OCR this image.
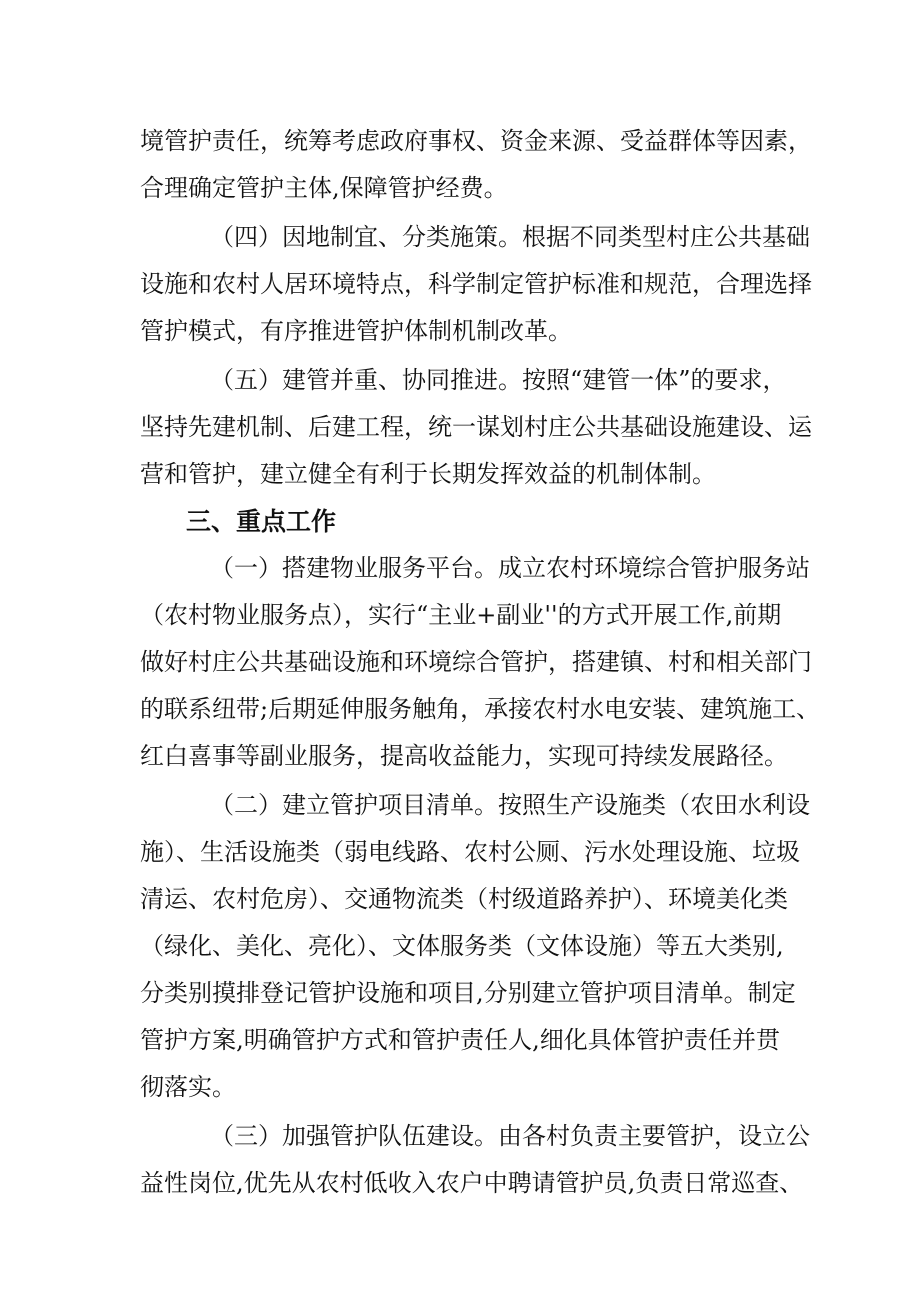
境管护责任，统筹考虑政府事权、资金来源、受益群体等因素，
合理确定管护主体,保障管护经费。
（四）因地制宜、分类施策。根据不同类型村庄公共基础
设施和农村人居环境特点，科学制定管护标准和规范，合理选择
管护模式，有序推进管护体制机制改革。
（五）建管并重、协同推进。按照“建管一体”的要求，
坚持先建机制、后建工程，统一谋划村庄公共基础设施建设、运
营和管护，建立健全有利于长期发挥效益的机制体制。
三、重点工作
（一）搭建物业服务平台。成立农村环境综合管护服务站
（农村物业服务点），实行“主业+副业''的方式开展工作,前期
做好村庄公共基础设施和环境综合管护，搭建镇、村和相关部门
的联系纽带;后期延伸服务触角，承接农村水电安装、建筑施工、
红白喜事等副业服务，提高收益能力，实现可持续发展路径。
（二）建立管护项目清单。按照生产设施类（农田水利设
施）、生活设施类（弱电线路、农村公厕、污水处理设施、垃圾
清运、农村危房）、交通物流类（村级道路养护）、环境美化类
（绿化、美化、亮化）、文体服务类（文体设施）等五大类别,
分类别摸排登记管护设施和项目,分别建立管护项目清单。制定
管护方案,明确管护方式和管护责任人,细化具体管护责任并贯
彻落实。
（三）加强管护队伍建设。由各村负责主要管护，设立公
益性岗位,优先从农村低收入农户中聘请管护员,负责日常巡查、
